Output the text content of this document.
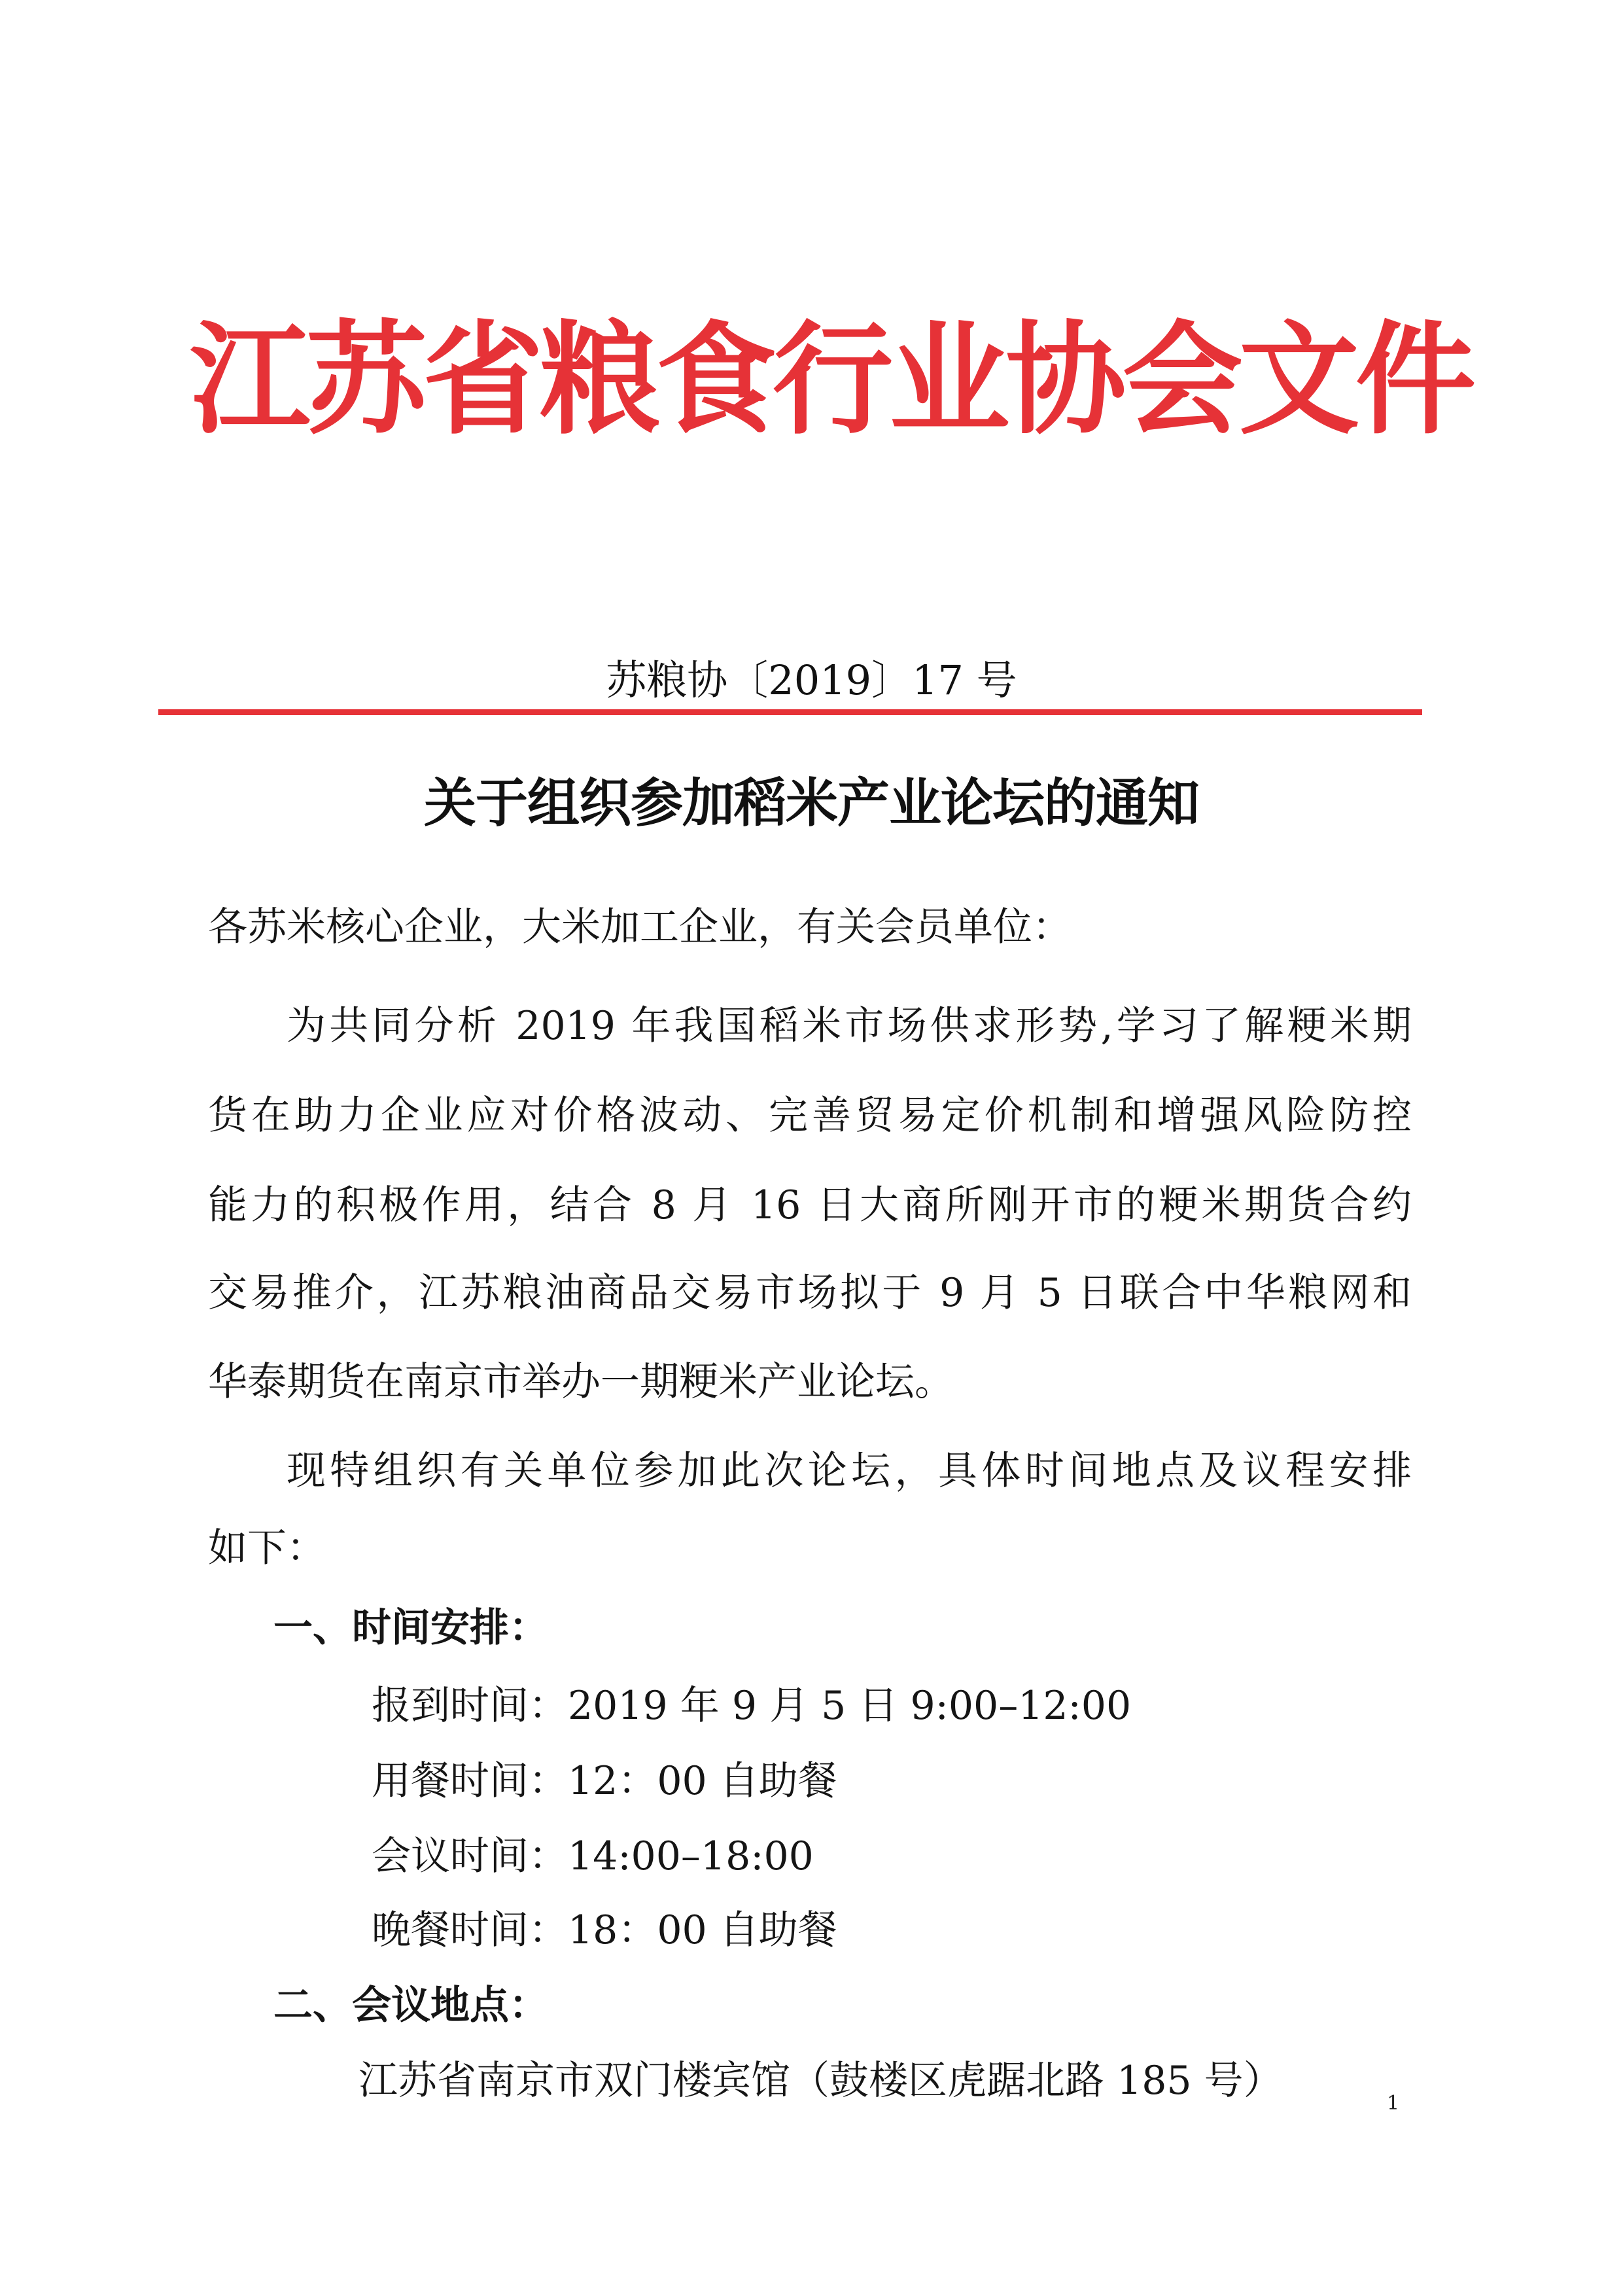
江苏省粮食行业协会文件
苏粮协〔2019〕17 号
关于组织参加稻米产业论坛的通知
各苏米核心企业，大米加工企业，有关会员单位：
为共同分析 2019 年我国稻米市场供求形势,学习了解粳米期
货在助力企业应对价格波动、完善贸易定价机制和增强风险防控
能力的积极作用，结合 8 月 16 日大商所刚开市的粳米期货合约
交易推介，江苏粮油商品交易市场拟于 9 月 5 日联合中华粮网和
华泰期货在南京市举办一期粳米产业论坛。
现特组织有关单位参加此次论坛，具体时间地点及议程安排
如下：
一、时间安排：
报到时间：2019 年 9 月 5 日 9:00–12:00
用餐时间：12：00 自助餐
会议时间：14:00–18:00
晚餐时间：18：00 自助餐
二、会议地点：
江苏省南京市双门楼宾馆（鼓楼区虎踞北路 185 号）	1
